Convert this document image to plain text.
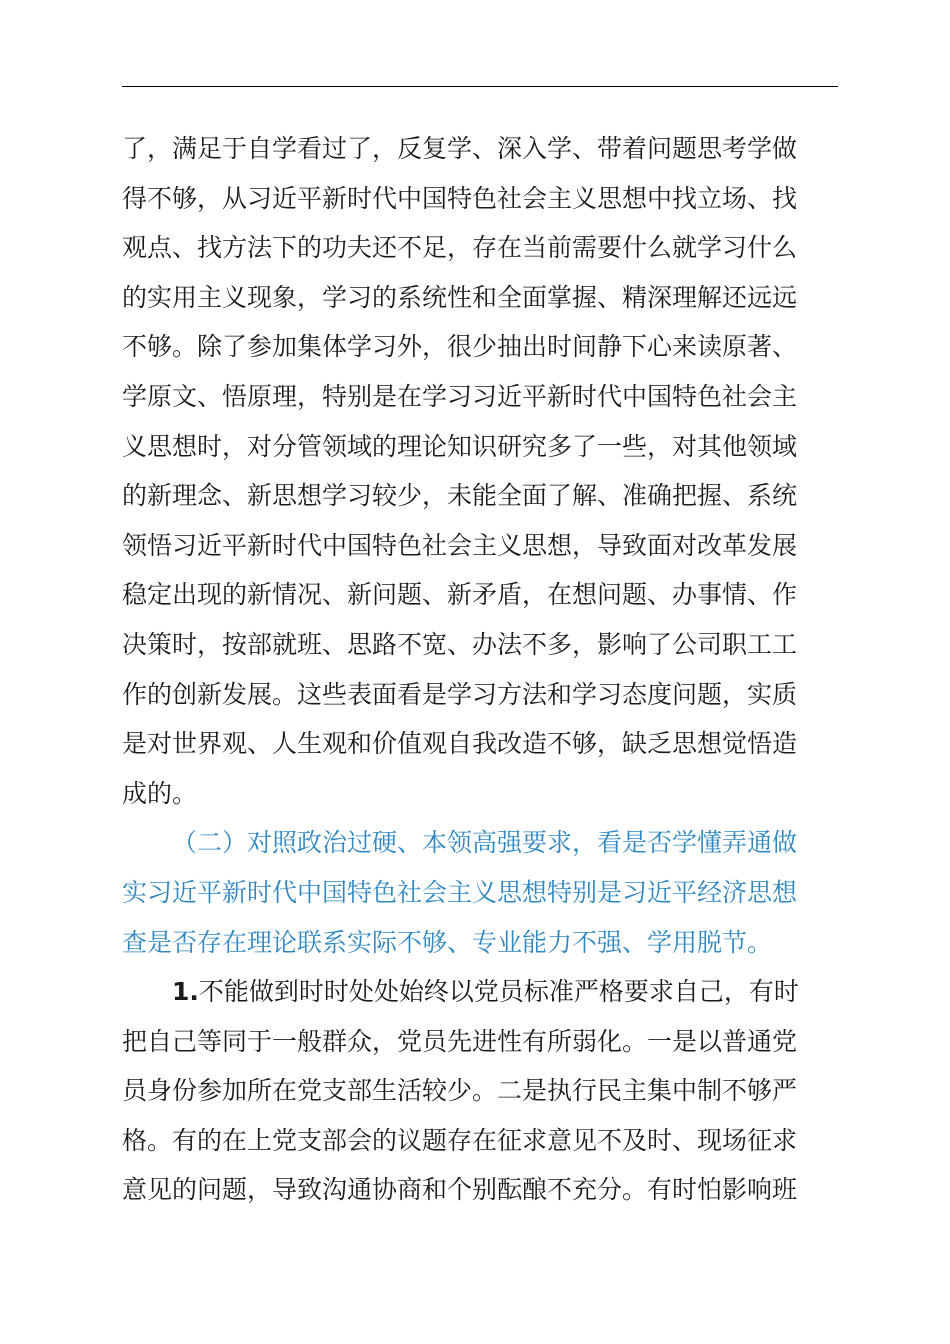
了，满足于自学看过了，反复学、深入学、带着问题思考学做

得不够，从习近平新时代中国特色社会主义思想中找立场、找

观点、找方法下的功夫还不足，存在当前需要什么就学习什么

的实用主义现象，学习的系统性和全面掌握、精深理解还远远

不够。除了参加集体学习外，很少抽出时间静下心来读原著、

学原文、悟原理，特别是在学习习近平新时代中国特色社会主

义思想时，对分管领域的理论知识研究多了一些，对其他领域

的新理念、新思想学习较少，未能全面了解、准确把握、系统

领悟习近平新时代中国特色社会主义思想，导致面对改革发展

稳定出现的新情况、新问题、新矛盾，在想问题、办事情、作

决策时，按部就班、思路不宽、办法不多，影响了公司职工工

作的创新发展。这些表面看是学习方法和学习态度问题，实质

是对世界观、人生观和价值观自我改造不够，缺乏思想觉悟造

成的。

（二）对照政治过硬、本领高强要求，看是否学懂弄通做

实习近平新时代中国特色社会主义思想特别是习近平经济思想

查是否存在理论联系实际不够、专业能力不强、学用脱节。

1.不能做到时时处处始终以党员标准严格要求自己，有时

把自己等同于一般群众，党员先进性有所弱化。一是以普通党

员身份参加所在党支部生活较少。二是执行民主集中制不够严

格。有的在上党支部会的议题存在征求意见不及时、现场征求

意见的问题，导致沟通协商和个别酝酿不充分。有时怕影响班
